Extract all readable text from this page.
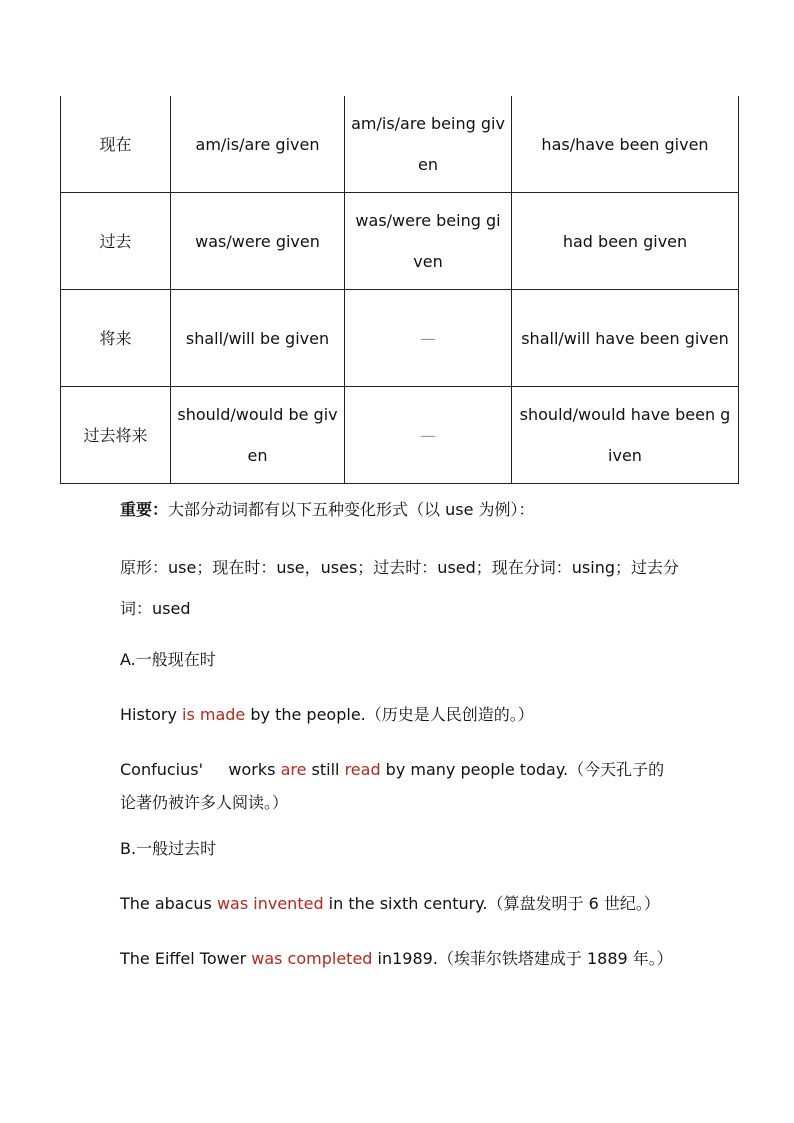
现在	am/is/are given	am/is/are being given	has/have been given
过去	was/were given	was/were being given	had been given
将来	shall/will be given	—	shall/will have been given
过去将来	should/would be given	—	should/would have been given
重要：大部分动词都有以下五种变化形式（以 use 为例）：
原形：use；现在时：use，uses；过去时：used；现在分词：using；过去分词：used
A.一般现在时
History is made by the people.（历史是人民创造的。）
Confucius'     works are still read by many people today.（今天孔子的论著仍被许多人阅读。）
B.一般过去时
The abacus was invented in the sixth century.（算盘发明于 6 世纪。）
The Eiffel Tower was completed in1989.（埃菲尔铁塔建成于 1889 年。）
